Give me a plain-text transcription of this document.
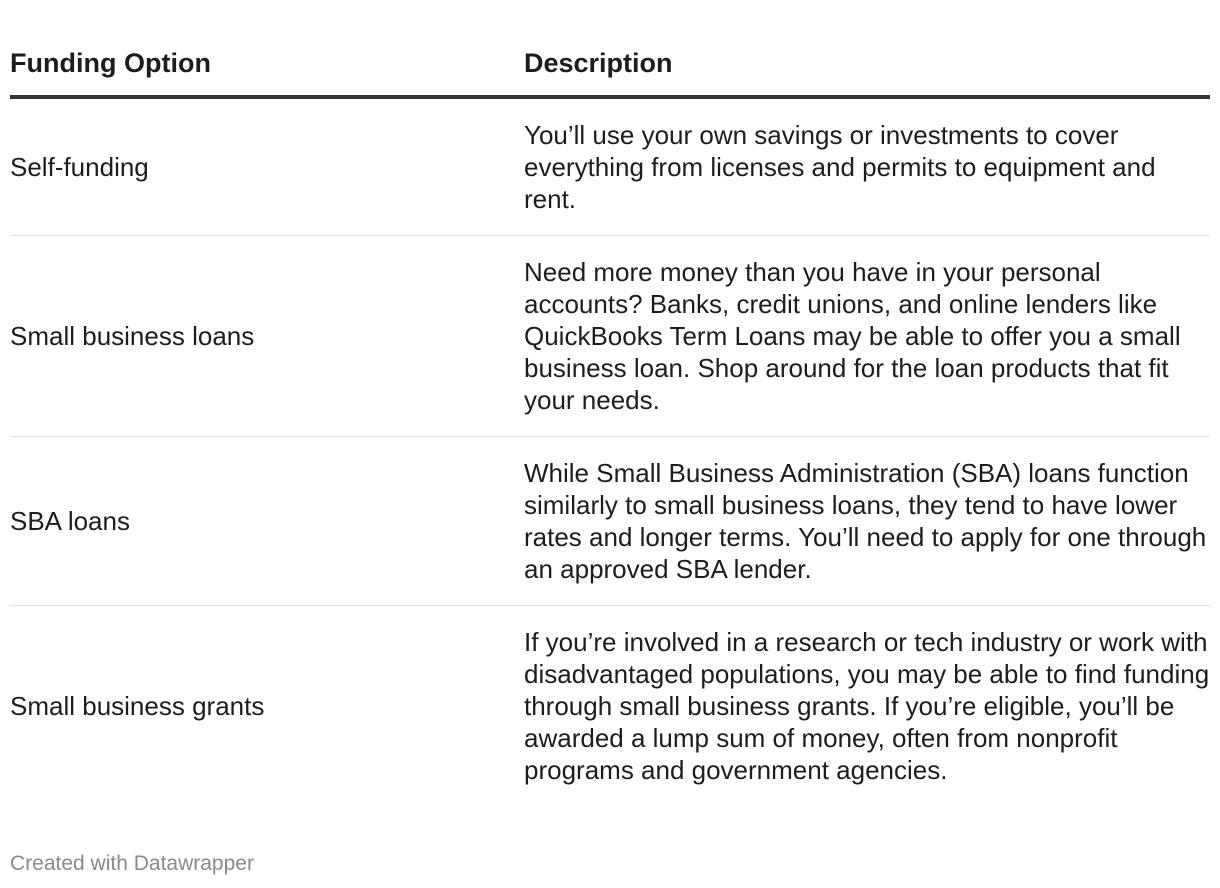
Funding Option	Description
Self-funding	You’ll use your own savings or investments to cover everything from licenses and permits to equipment and rent.
Small business loans	Need more money than you have in your personal accounts? Banks, credit unions, and online lenders like QuickBooks Term Loans may be able to offer you a small business loan. Shop around for the loan products that fit your needs.
SBA loans	While Small Business Administration (SBA) loans function similarly to small business loans, they tend to have lower rates and longer terms. You’ll need to apply for one through an approved SBA lender.
Small business grants	If you’re involved in a research or tech industry or work with disadvantaged populations, you may be able to find funding through small business grants. If you’re eligible, you’ll be awarded a lump sum of money, often from nonprofit programs and government agencies.
Created with Datawrapper
